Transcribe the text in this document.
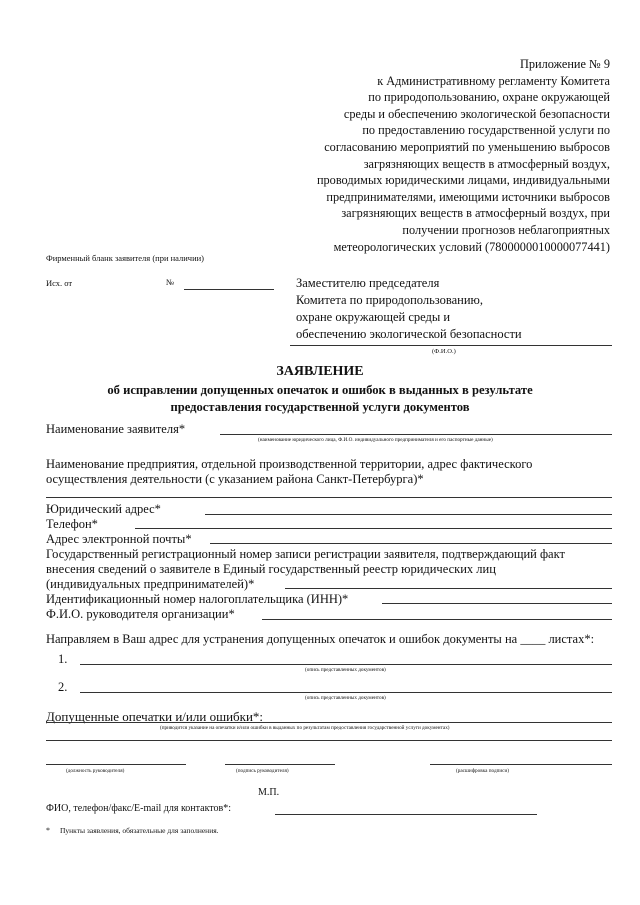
Приложение № 9
к Административному регламенту Комитета
по природопользованию, охране окружающей
среды и обеспечению экологической безопасности
по предоставлению государственной услуги по
согласованию мероприятий по уменьшению выбросов
загрязняющих веществ в атмосферный воздух,
проводимых юридическими лицами, индивидуальными
предпринимателями, имеющими источники выбросов
загрязняющих веществ в атмосферный воздух, при
получении прогнозов неблагоприятных
метеорологических условий (7800000010000077441)
Фирменный бланк заявителя (при наличии)
Исх. от	№	Заместителю председателя
Комитета по природопользованию,
охране окружающей среды и
обеспечению экологической безопасности
(Ф.И.О.)
ЗАЯВЛЕНИЕ
об исправлении допущенных опечаток и ошибок в выданных в результате
предоставления государственной услуги документов
Наименование заявителя*
(наименование юридического лица, Ф.И.О. индивидуального предпринимателя и его паспортные данные)
Наименование предприятия, отдельной производственной территории, адрес фактического
осуществления деятельности (с указанием района Санкт-Петербурга)*
Юридический адрес*
Телефон*
Адрес электронной почты*
Государственный регистрационный номер записи регистрации заявителя, подтверждающий факт
внесения сведений о заявителе в Единый государственный реестр юридических лиц
(индивидуальных предпринимателей)*
Идентификационный номер налогоплательщика (ИНН)*
Ф.И.О. руководителя организации*
Направляем в Ваш адрес для устранения допущенных опечаток и ошибок документы на ____ листах*:
1.
(опись представленных документов)
2.
(опись представленных документов)
Допущенные опечатки и/или ошибки*:
(приводится указание на опечатки и/или ошибки в выданных по результатам предоставления государственной услуги документах)
(должность руководителя)	(подпись руководителя)	(расшифровка подписи)
М.П.
ФИО, телефон/факс/E-mail для контактов*:
* Пункты заявления, обязательные для заполнения.
